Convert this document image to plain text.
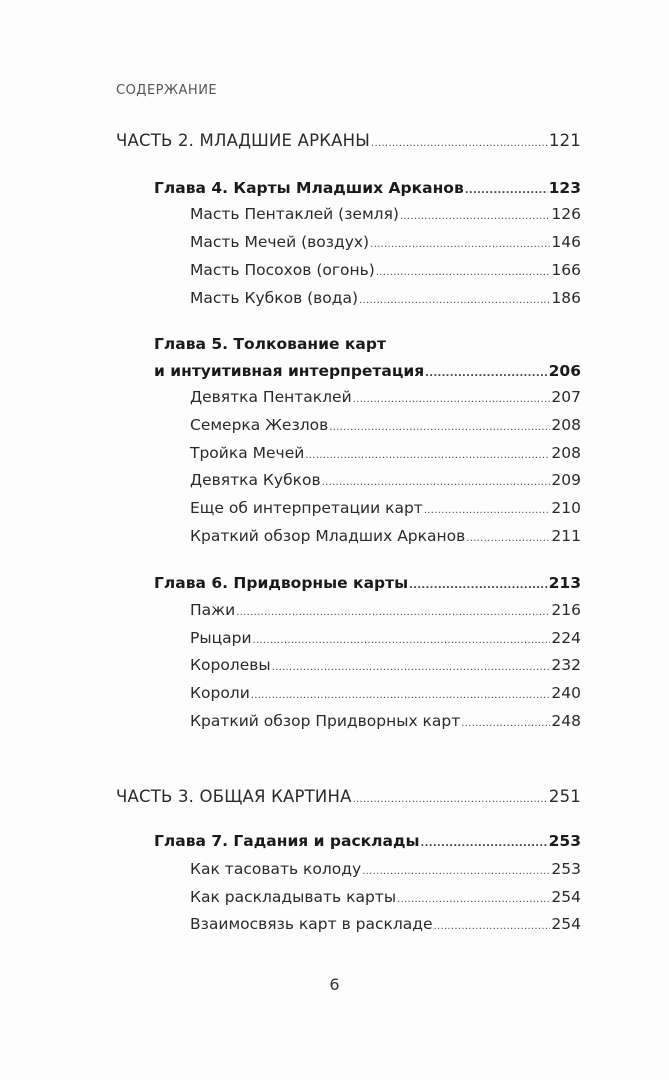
СОДЕРЖАНИЕ
ЧАСТЬ 2. МЛАДШИЕ АРКАНЫ .....	121
Глава 4. Карты Младших Арканов .....	123
Масть Пентаклей (земля) .....	126
Масть Мечей (воздух) .....	146
Масть Посохов (огонь) .....	166
Масть Кубков (вода) .....	186
Глава 5. Толкование карт
и интуитивная интерпретация .....	206
Девятка Пентаклей .....	207
Семерка Жезлов .....	208
Тройка Мечей .....	208
Девятка Кубков .....	209
Еще об интерпретации карт .....	210
Краткий обзор Младших Арканов .....	211
Глава 6. Придворные карты .....	213
Пажи .....	216
Рыцари .....	224
Королевы .....	232
Короли .....	240
Краткий обзор Придворных карт .....	248
ЧАСТЬ 3. ОБЩАЯ КАРТИНА .....	251
Глава 7. Гадания и расклады .....	253
Как тасовать колоду .....	253
Как раскладывать карты .....	254
Взаимосвязь карт в раскладе .....	254
6
